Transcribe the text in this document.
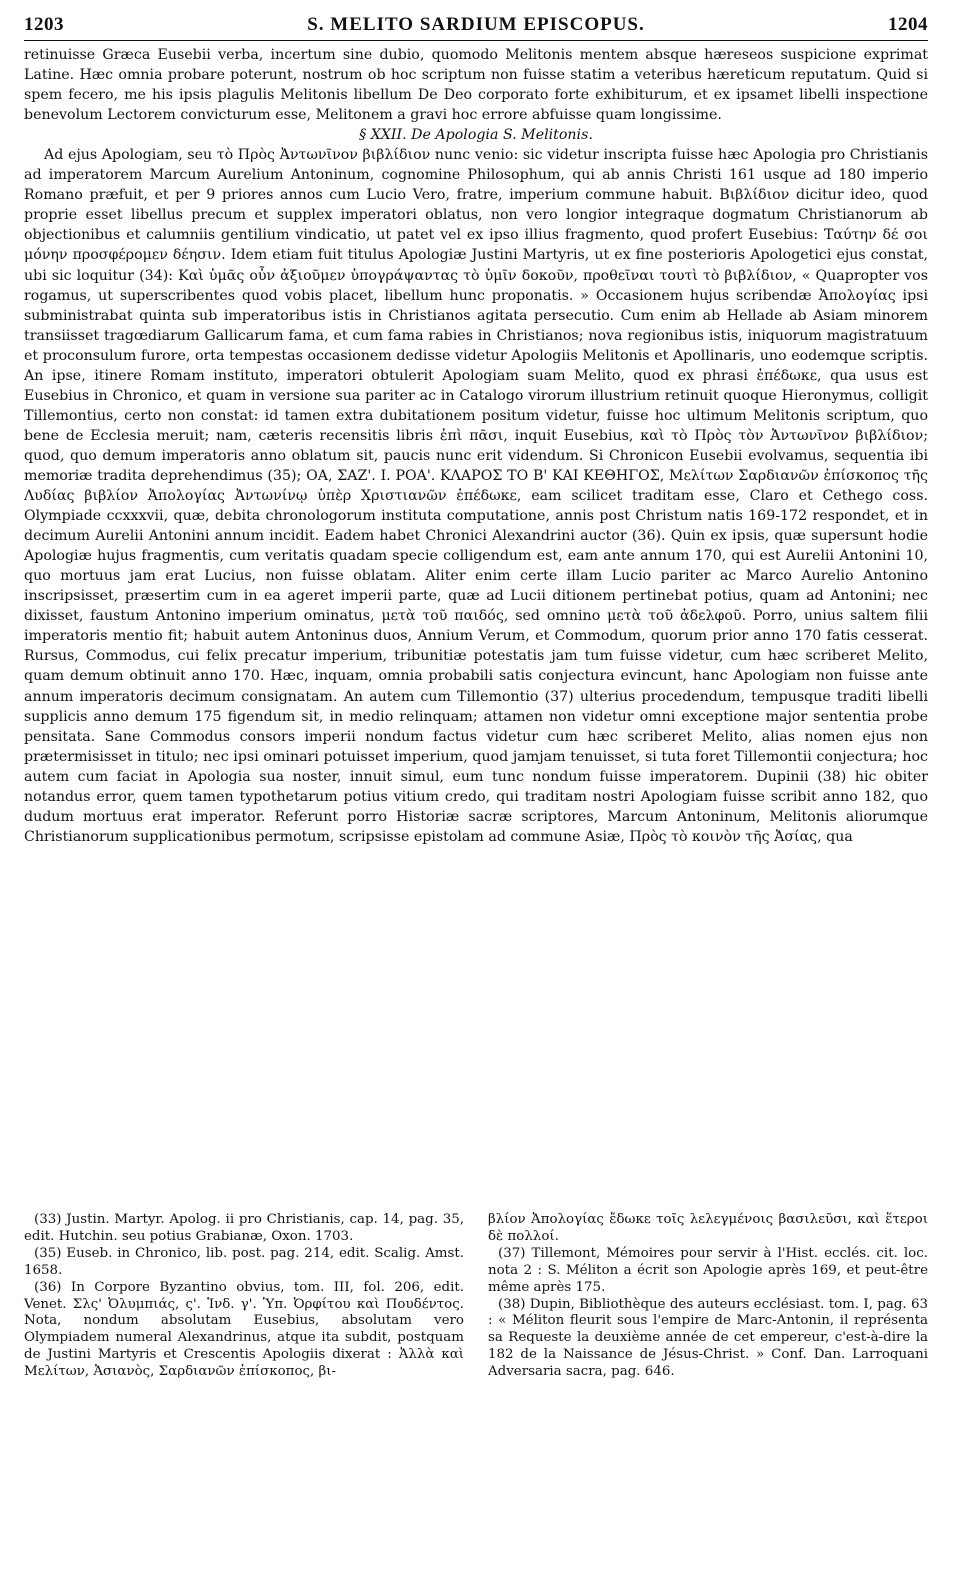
1203	S. MELITO SARDIUM EPISCOPUS.	1204

retinuisse Græca Eusebii verba, incertum sine dubio, quomodo Melitonis mentem absque hæreseos suspicione exprimat Latine. Hæc omnia probare poterunt, nostrum ob hoc scriptum non fuisse statim a veteribus hæreticum reputatum. Quid si spem fecero, me his ipsis plagulis Melitonis libellum De Deo corporato forte exhibiturum, et ex ipsamet libelli inspectione benevolum Lectorem convicturum esse, Melitonem a gravi hoc errore abfuisse quam longissime.

§ XXII. De Apologia S. Melitonis.

Ad ejus Apologiam, seu τὸ Πρὸς Ἀντωνῖνον βιβλίδιον nunc venio: sic videtur inscripta fuisse hæc Apologia pro Christianis ad imperatorem Marcum Aurelium Antoninum, cognomine Philosophum, qui ab annis Christi 161 usque ad 180 imperio Romano præfuit, et per 9 priores annos cum Lucio Vero, fratre, imperium commune habuit. Βιβλίδιον dicitur ideo, quod proprie esset libellus precum et supplex imperatori oblatus, non vero longior integraque dogmatum Christianorum ab objectionibus et calumniis gentilium vindicatio, ut patet vel ex ipso illius fragmento, quod profert Eusebius: Ταύτην δέ σοι μόνην προσφέρομεν δέησιν. Idem etiam fuit titulus Apologiæ Justini Martyris, ut ex fine posterioris Apologetici ejus constat, ubi sic loquitur (34): Καὶ ὑμᾶς οὖν ἀξιοῦμεν ὑπογράψαντας τὸ ὑμῖν δοκοῦν, προθεῖναι τουτὶ τὸ βιβλίδιον, « Quapropter vos rogamus, ut superscribentes quod vobis placet, libellum hunc proponatis. » Occasionem hujus scribendæ Ἀπολογίας ipsi subministrabat quinta sub imperatoribus istis in Christianos agitata persecutio. Cum enim ab Hellade ab Asiam minorem transiisset tragœdiarum Gallicarum fama, et cum fama rabies in Christianos; nova regionibus istis, iniquorum magistratuum et proconsulum furore, orta tempestas occasionem dedisse videtur Apologiis Melitonis et Apollinaris, uno eodemque scriptis. An ipse, itinere Romam instituto, imperatori obtulerit Apologiam suam Melito, quod ex phrasi ἐπέδωκε, qua usus est Eusebius in Chronico, et quam in versione sua pariter ac in Catalogo virorum illustrium retinuit quoque Hieronymus, colligit Tillemontius, certo non constat: id tamen extra dubitationem positum videtur, fuisse hoc ultimum Melitonis scriptum, quo bene de Ecclesia meruit; nam, cæteris recensitis libris ἐπὶ πᾶσι, inquit Eusebius, καὶ τὸ Πρὸς τὸν Ἀντωνῖνον βιβλίδιον; quod, quo demum imperatoris anno oblatum sit, paucis nunc erit videndum. Si Chronicon Eusebii evolvamus, sequentia ibi memoriæ tradita deprehendimus (35); ΟΑ, ΣΑΖ'. Ι. ΡΟΑ'. ΚΛΑΡΟΣ ΤΟ Β' ΚΑΙ ΚΕΘΗΓΟΣ, Μελίτων Σαρδιανῶν ἐπίσκοπος τῆς Λυδίας βιβλίον Ἀπολογίας Ἀντωνίνῳ ὑπὲρ Χριστιανῶν ἐπέδωκε, eam scilicet traditam esse, Claro et Cethego coss. Olympiade ccxxxvii, quæ, debita chronologorum instituta computatione, annis post Christum natis 169-172 respondet, et in decimum Aurelii Antonini annum incidit. Eadem habet Chronici Alexandrini auctor (36). Quin ex ipsis, quæ supersunt hodie Apologiæ hujus fragmentis, cum veritatis quadam specie colligendum est, eam ante annum 170, qui est Aurelii Antonini 10, quo mortuus jam erat Lucius, non fuisse oblatam. Aliter enim certe illam Lucio pariter ac Marco Aurelio Antonino inscripsisset, præsertim cum in ea ageret imperii parte, quæ ad Lucii ditionem pertinebat potius, quam ad Antonini; nec dixisset, faustum Antonino imperium ominatus, μετὰ τοῦ παιδός, sed omnino μετὰ τοῦ ἀδελφοῦ. Porro, unius saltem filii imperatoris mentio fit; habuit autem Antoninus duos, Annium Verum, et Commodum, quorum prior anno 170 fatis cesserat. Rursus, Commodus, cui felix precatur imperium, tribunitiæ potestatis jam tum fuisse videtur, cum hæc scriberet Melito, quam demum obtinuit anno 170. Hæc, inquam, omnia probabili satis conjectura evincunt, hanc Apologiam non fuisse ante annum imperatoris decimum consignatam. An autem cum Tillemontio (37) ulterius procedendum, tempusque traditi libelli supplicis anno demum 175 figendum sit, in medio relinquam; attamen non videtur omni exceptione major sententia probe pensitata. Sane Commodus consors imperii nondum factus videtur cum hæc scriberet Melito, alias nomen ejus non prætermisisset in titulo; nec ipsi ominari potuisset imperium, quod jamjam tenuisset, si tuta foret Tillemontii conjectura; hoc autem cum faciat in Apologia sua noster, innuit simul, eum tunc nondum fuisse imperatorem. Dupinii (38) hic obiter notandus error, quem tamen typothetarum potius vitium credo, qui traditam nostri Apologiam fuisse scribit anno 182, quo dudum mortuus erat imperator. Referunt porro Historiæ sacræ scriptores, Marcum Antoninum, Melitonis aliorumque Christianorum supplicationibus permotum, scripsisse epistolam ad commune Asiæ, Πρὸς τὸ κοινὸν τῆς Ἀσίας, qua

(33) Justin. Martyr. Apolog. ii pro Christianis, cap. 14, pag. 35, edit. Hutchin. seu potius Grabianæ, Oxon. 1703.

(35) Euseb. in Chronico, lib. post. pag. 214, edit. Scalig. Amst. 1658.

(36) In Corpore Byzantino obvius, tom. III, fol. 206, edit. Venet. Σλς' Ὀλυμπιάς, ς'. Ἰνδ. γ'. Ὑπ. Ὀρφίτου καὶ Πουδέντος. Nota, nondum absolutam Eusebius, absolutam vero Olympiadem numeral Alexandrinus, atque ita subdit, postquam de Justini Martyris et Crescentis Apologiis dixerat : Ἀλλὰ καὶ Μελίτων, Ἀσιανὸς, Σαρδιανῶν ἐπίσκοπος, βι-

βλίον Ἀπολογίας ἔδωκε τοῖς λελεγμένοις βασιλεῦσι, καὶ ἕτεροι δὲ πολλοί.

(37) Tillemont, Mémoires pour servir à l'Hist. ecclés. cit. loc. nota 2 : S. Méliton a écrit son Apologie après 169, et peut-être même après 175.

(38) Dupin, Bibliothèque des auteurs ecclésiast. tom. I, pag. 63 : « Méliton fleurit sous l'empire de Marc-Antonin, il représenta sa Requeste la deuxième année de cet empereur, c'est-à-dire la 182 de la Naissance de Jésus-Christ. » Conf. Dan. Larroquani Adversaria sacra, pag. 646.
